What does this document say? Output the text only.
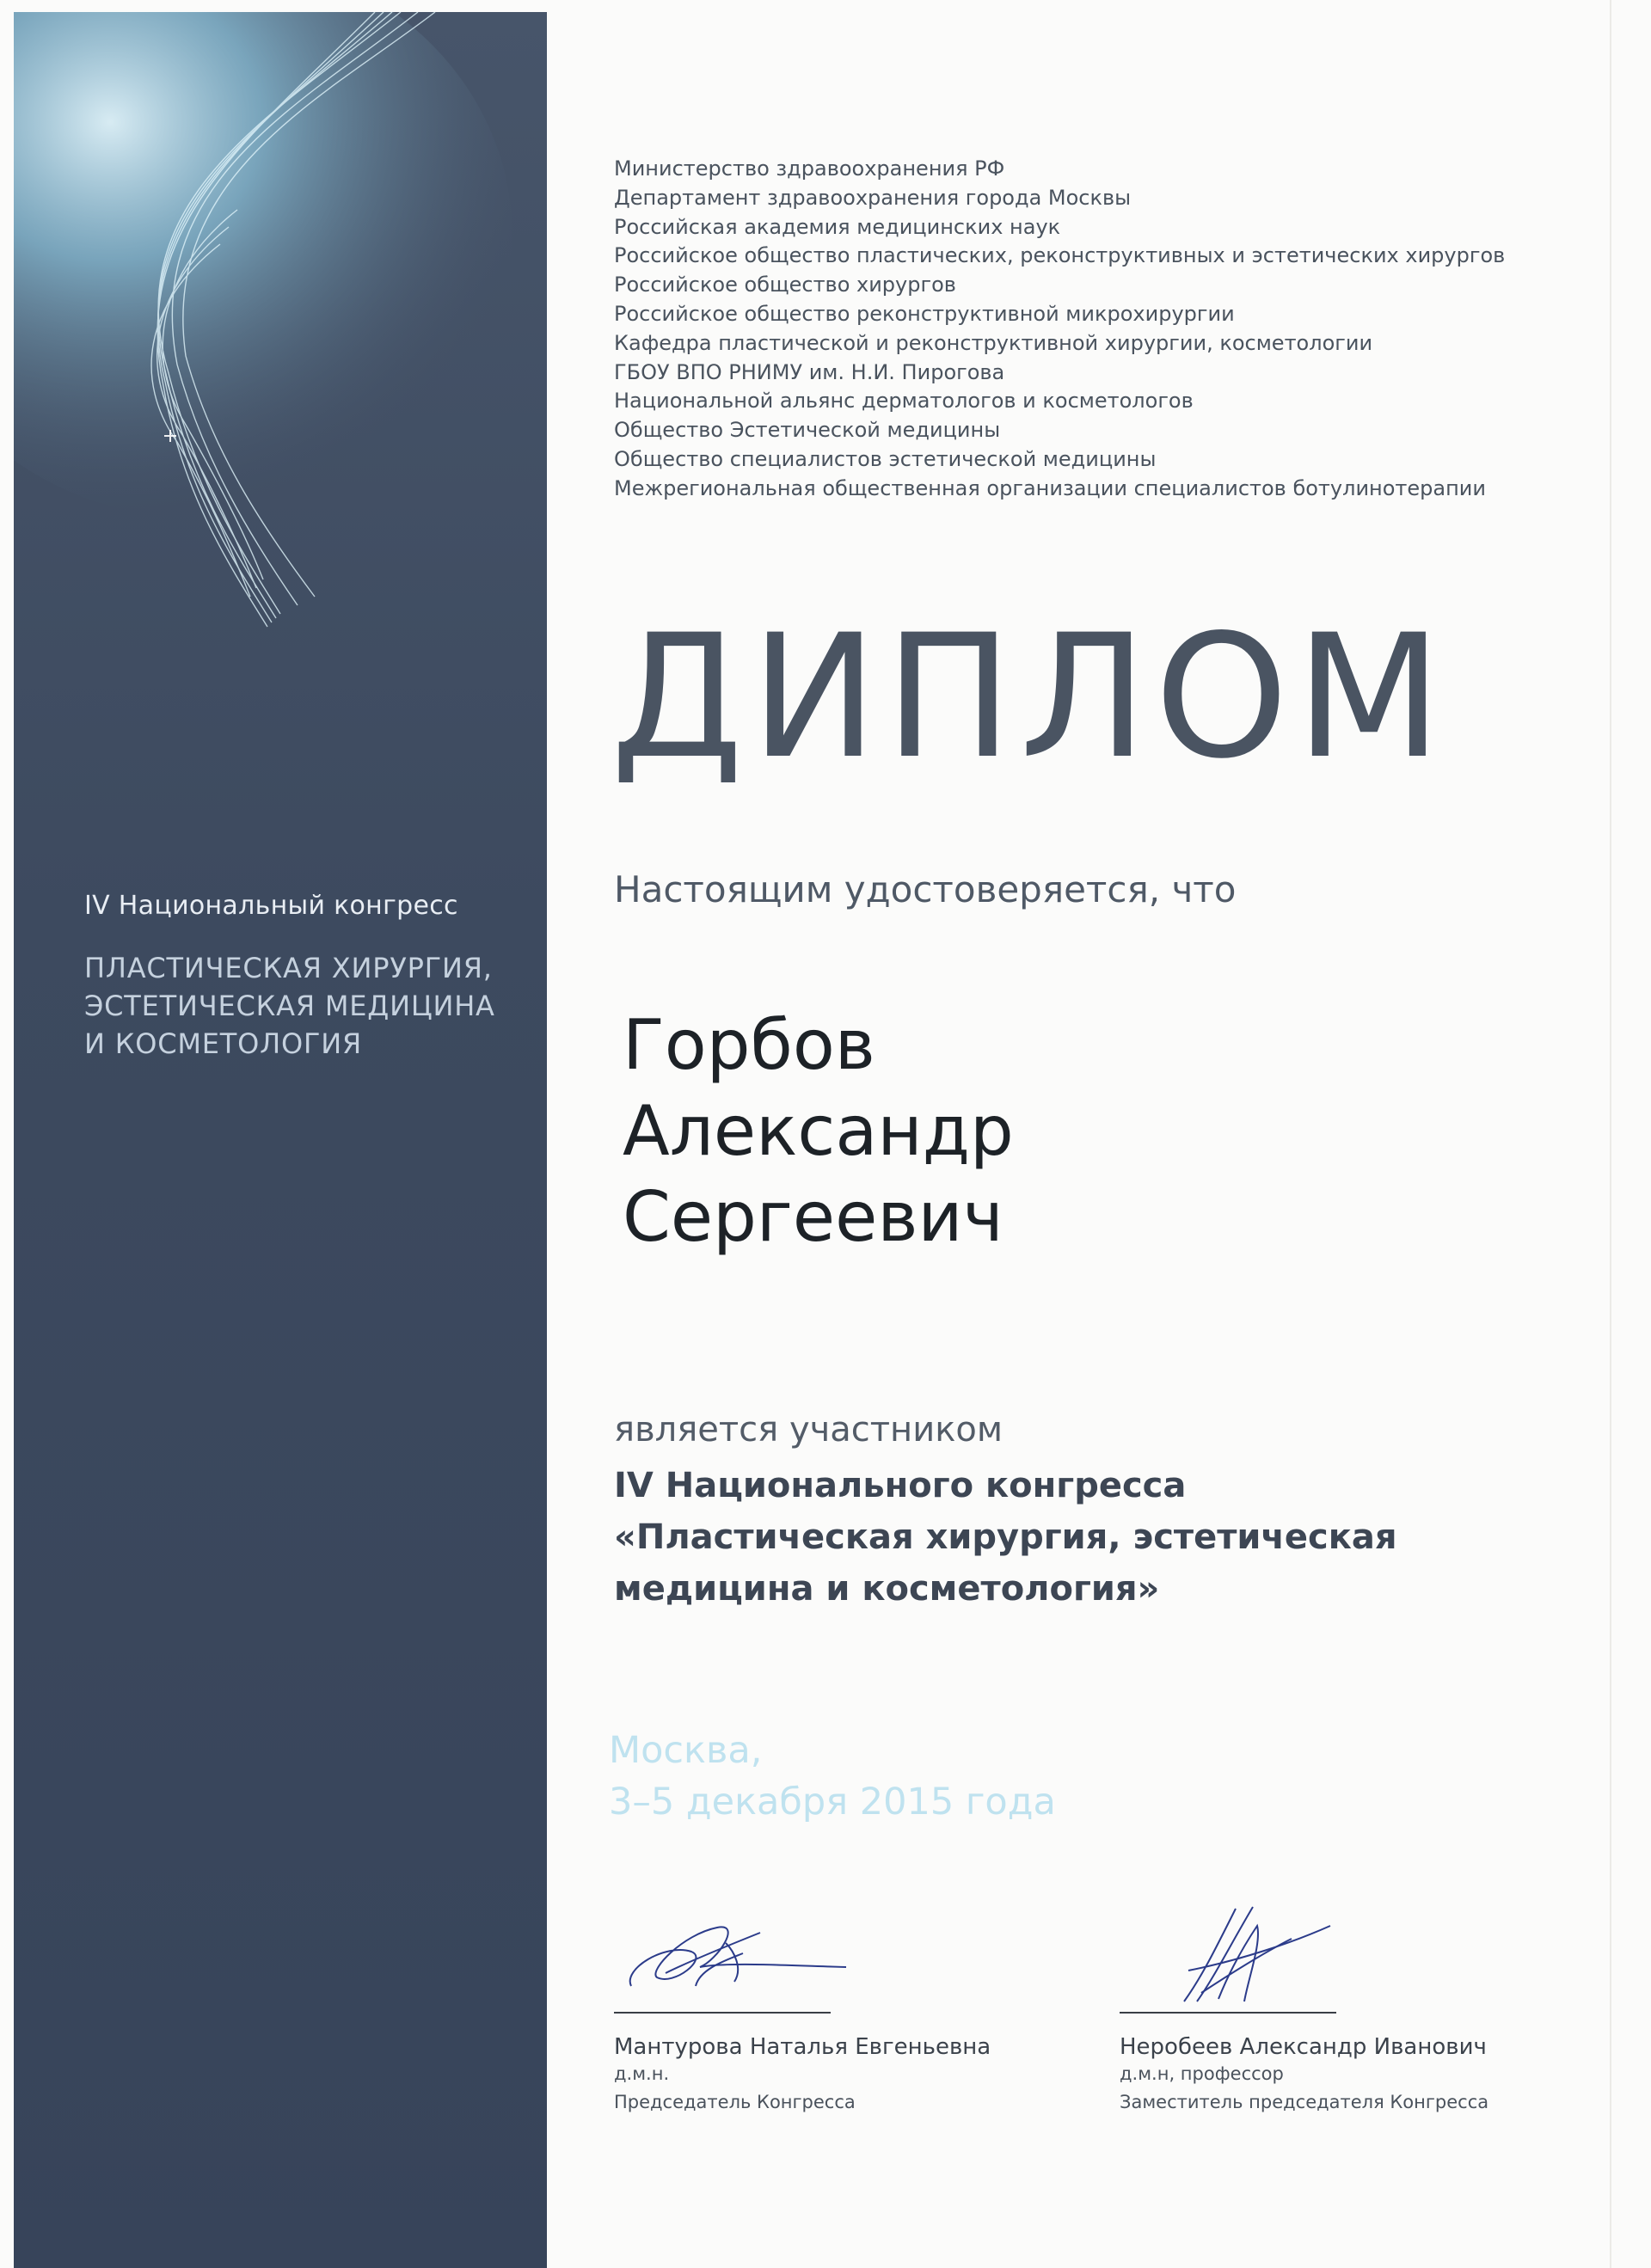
IV Национальный конгресс
ПЛАСТИЧЕСКАЯ ХИРУРГИЯ,
ЭСТЕТИЧЕСКАЯ МЕДИЦИНА
И КОСМЕТОЛОГИЯ
Министерство здравоохранения РФ
Департамент здравоохранения города Москвы
Российская академия медицинских наук
Российское общество пластических, реконструктивных и эстетических хирургов
Российское общество хирургов
Российское общество реконструктивной микрохирургии
Кафедра пластической и реконструктивной хирургии, косметологии
ГБОУ ВПО РНИМУ им. Н.И. Пирогова
Национальной альянс дерматологов и косметологов
Общество Эстетической медицины
Общество специалистов эстетической медицины
Межрегиональная общественная организации специалистов ботулинотерапии
ДИПЛОМ
Настоящим удостоверяется, что
Горбов
Александр
Сергеевич
является участником
IV Национального конгресса
«Пластическая хирургия, эстетическая
медицина и косметология»
Москва,
3–5 декабря 2015 года
Мантурова Наталья Евгеньевна
д.м.н.
Председатель Конгресса
Неробеев Александр Иванович
д.м.н, профессор
Заместитель председателя Конгресса
